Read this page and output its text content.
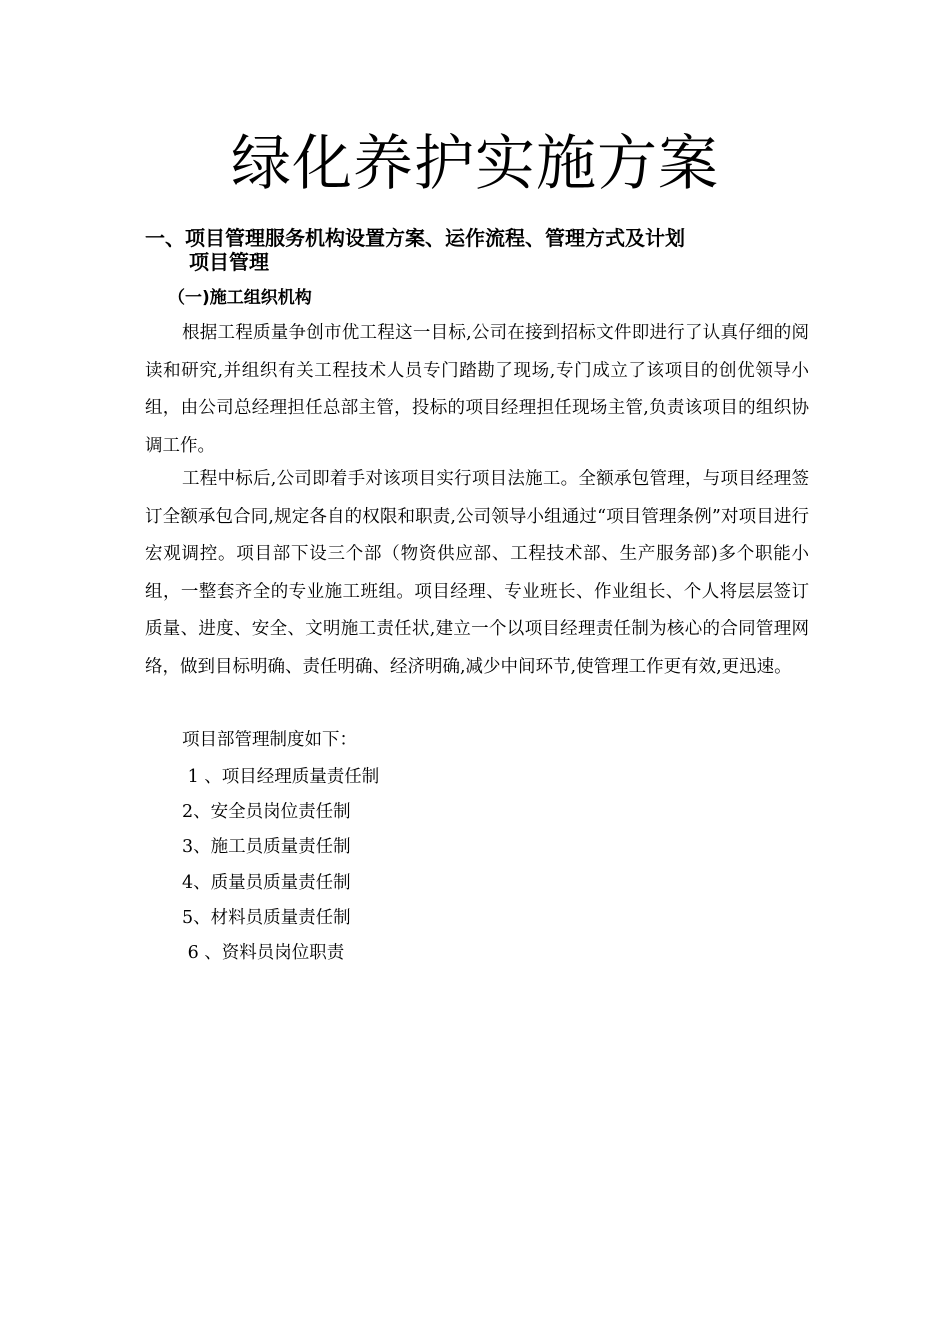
绿化养护实施方案
一、项目管理服务机构设置方案、运作流程、管理方式及计划
项目管理
（一)施工组织机构

根据工程质量争创市优工程这一目标,公司在接到招标文件即进行了认真仔细的阅读和研究,并组织有关工程技术人员专门踏勘了现场,专门成立了该项目的创优领导小组，由公司总经理担任总部主管，投标的项目经理担任现场主管,负责该项目的组织协调工作。

工程中标后,公司即着手对该项目实行项目法施工。全额承包管理，与项目经理签订全额承包合同,规定各自的权限和职责,公司领导小组通过“项目管理条例”对项目进行宏观调控。项目部下设三个部（物资供应部、工程技术部、生产服务部)多个职能小组，一整套齐全的专业施工班组。项目经理、专业班长、作业组长、个人将层层签订质量、进度、安全、文明施工责任状,建立一个以项目经理责任制为核心的合同管理网络，做到目标明确、责任明确、经济明确,减少中间环节,使管理工作更有效,更迅速。

项目部管理制度如下：
1 、项目经理质量责任制
2、安全员岗位责任制
3、施工员质量责任制
4、质量员质量责任制
5、材料员质量责任制
6 、资料员岗位职责
